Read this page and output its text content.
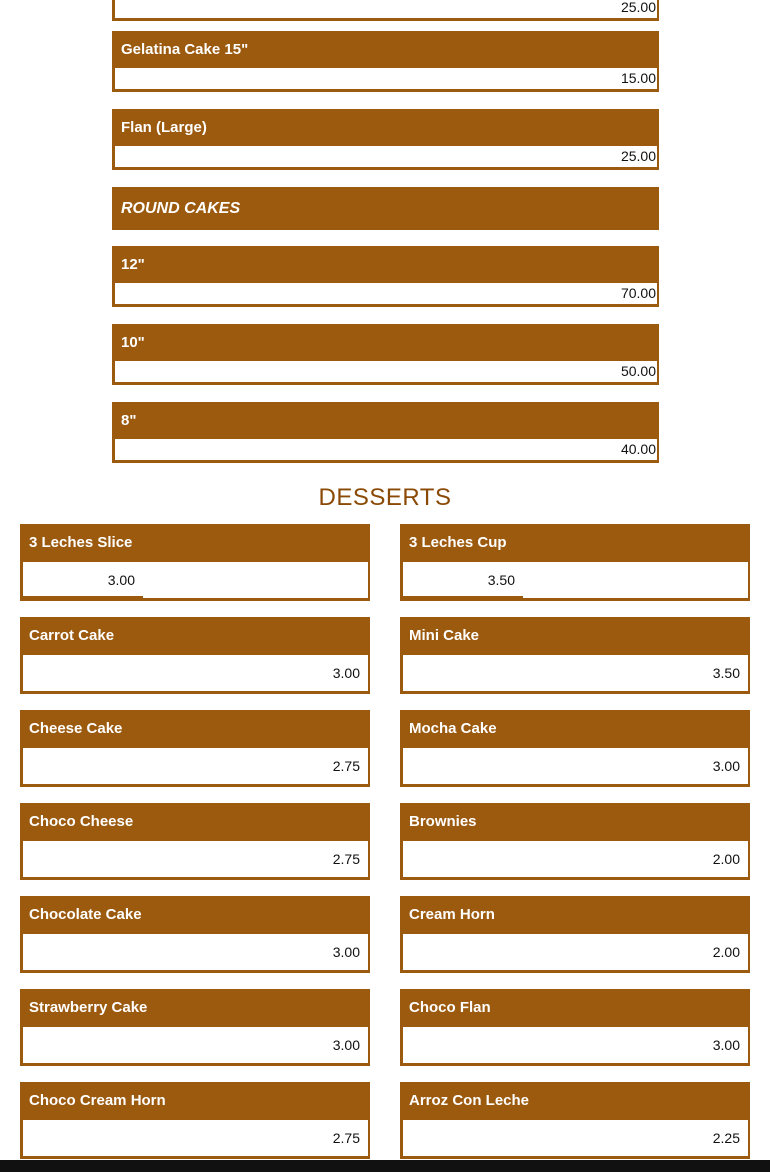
25.00
Gelatina Cake 15"
15.00
Flan (Large)
25.00
ROUND CAKES
12"
70.00
10"
50.00
8"
40.00
DESSERTS
3 Leches Slice
3.00
Carrot Cake
3.00
Cheese Cake
2.75
Choco Cheese
2.75
Chocolate Cake
3.00
Strawberry Cake
3.00
Choco Cream Horn
2.75
3 Leches Cup
3.50
Mini Cake
3.50
Mocha Cake
3.00
Brownies
2.00
Cream Horn
2.00
Choco Flan
3.00
Arroz Con Leche
2.25
